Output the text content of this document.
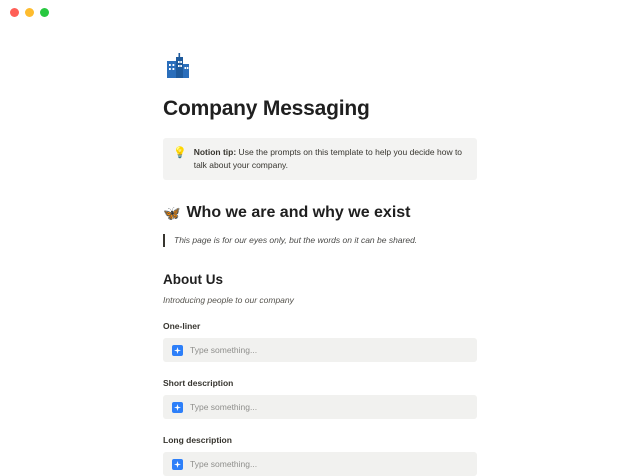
Company Messaging
💡 Notion tip: Use the prompts on this template to help you decide how to talk about your company.
🦋 Who we are and why we exist
This page is for our eyes only, but the words on it can be shared.
About Us
Introducing people to our company
One-liner
Type something...
Short description
Type something...
Long description
Type something...
